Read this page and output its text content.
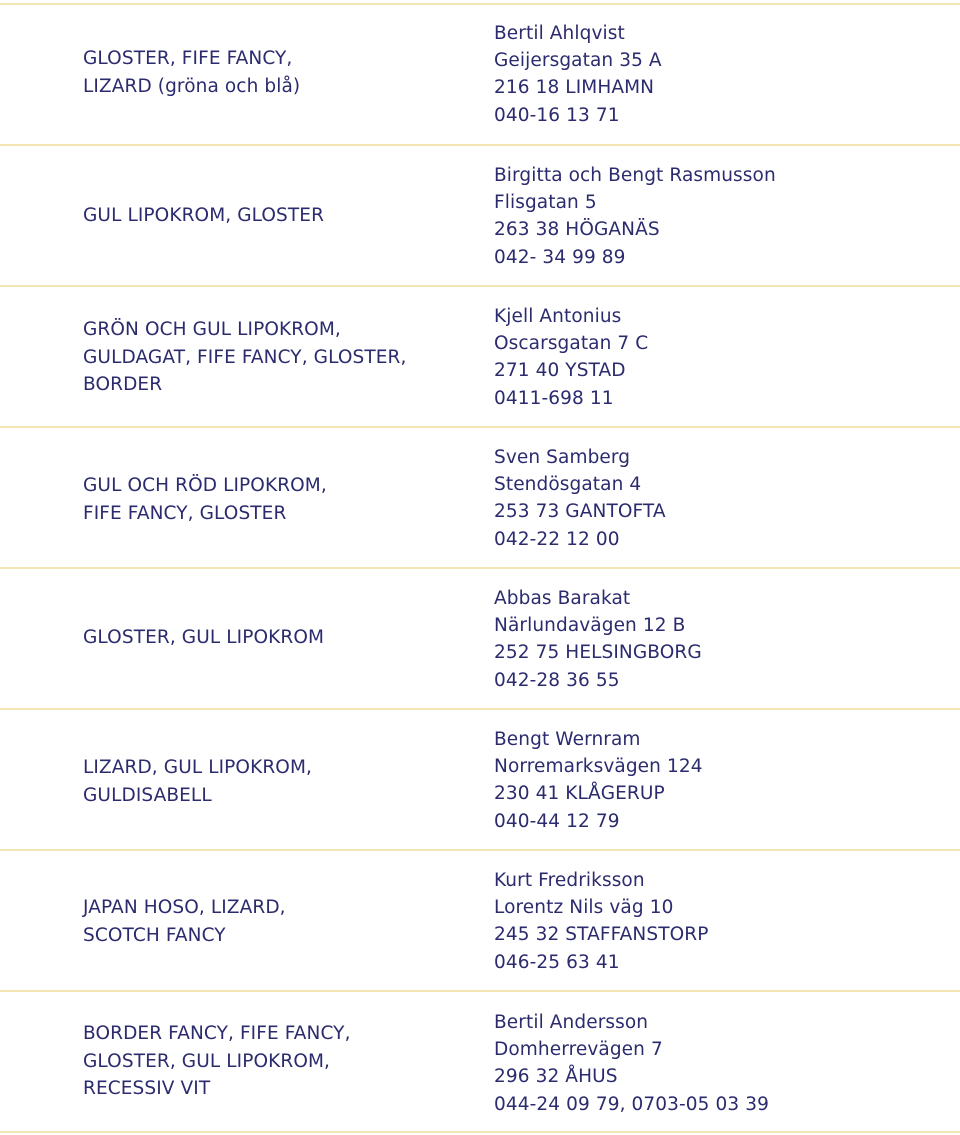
GLOSTER, FIFE FANCY,
LIZARD (gröna och blå)
Bertil Ahlqvist
Geijersgatan 35 A
216 18 LIMHAMN
040-16 13 71
GUL LIPOKROM, GLOSTER
Birgitta och Bengt Rasmusson
Flisgatan 5
263 38 HÖGANÄS
042- 34 99 89
GRÖN OCH GUL LIPOKROM,
GULDAGAT, FIFE FANCY, GLOSTER,
BORDER
Kjell Antonius
Oscarsgatan 7 C
271 40 YSTAD
0411-698 11
GUL OCH RÖD LIPOKROM,
FIFE FANCY, GLOSTER
Sven Samberg
Stendösgatan 4
253 73 GANTOFTA
042-22 12 00
GLOSTER, GUL LIPOKROM
Abbas Barakat
Närlundavägen 12 B
252 75 HELSINGBORG
042-28 36 55
LIZARD, GUL LIPOKROM,
GULDISABELL
Bengt Wernram
Norremarksvägen 124
230 41 KLÅGERUP
040-44 12 79
JAPAN HOSO, LIZARD,
SCOTCH FANCY
Kurt Fredriksson
Lorentz Nils väg 10
245 32 STAFFANSTORP
046-25 63 41
BORDER FANCY, FIFE FANCY,
GLOSTER, GUL LIPOKROM,
RECESSIV VIT
Bertil Andersson
Domherrevägen 7
296 32 ÅHUS
044-24 09 79, 0703-05 03 39
